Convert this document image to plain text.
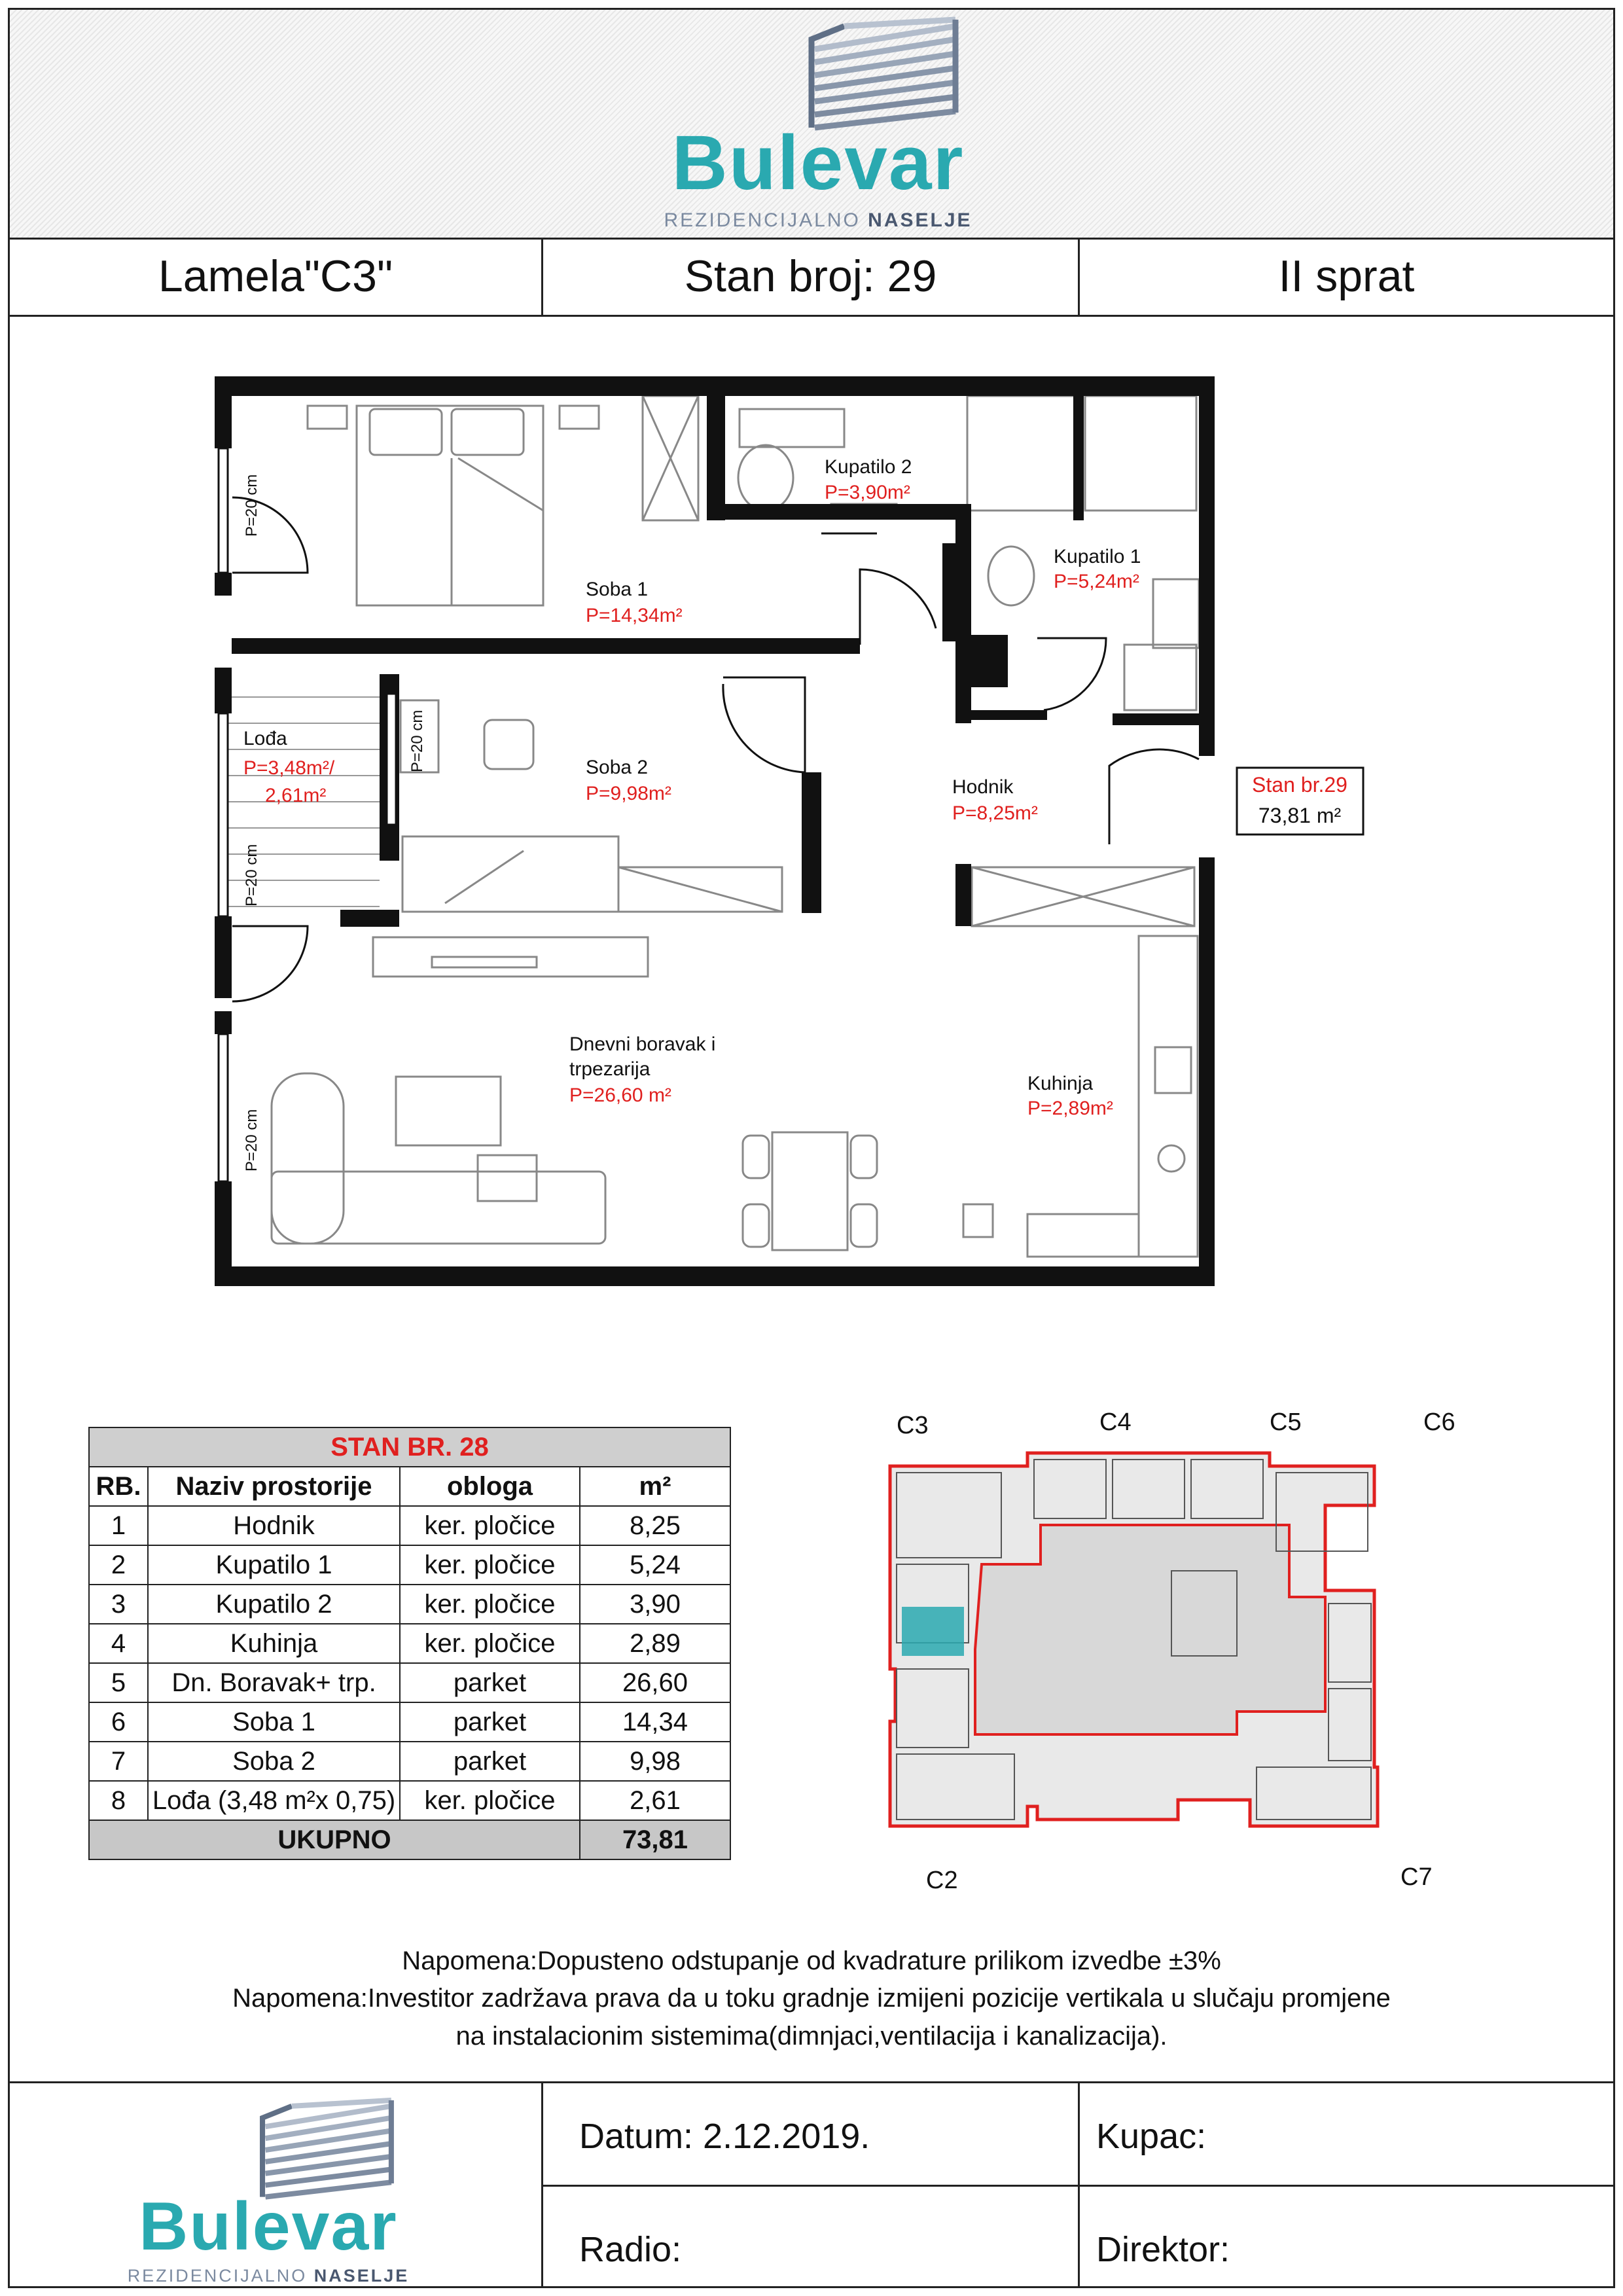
Bulevar
REZIDENCIJALNO NASELJE
Lamela"C3"	Stan broj: 29	II sprat
Soba 1
P=14,34m²
Kupatilo 2
P=3,90m²
Kupatilo 1
P=5,24m²
Soba 2
P=9,98m²	Hodnik
P=8,25m²
Kuhinja
P=2,89m²
Dnevni boravak i
trpezarija
P=26,60 m²
Lođa
P=3,48m²/
2,61m²
P=20 cm
P=20 cm
P=20 cm
P=20 cm
Stan br.29
73,81 m²
STAN BR. 28			
RB.	Naziv prostorije	obloga	m²
1	Hodnik	ker. pločice	8,25
2	Kupatilo 1	ker. pločice	5,24
3	Kupatilo 2	ker. pločice	3,90
4	Kuhinja	ker. pločice	2,89
5	Dn. Boravak+ trp.	parket	26,60
6	Soba 1	parket	14,34
7	Soba 2	parket	9,98
8	Lođa (3,48 m²x 0,75)	ker. pločice	2,61
UKUPNO			73,81
C3	C4	C5	C6
C2	C7
Napomena:Dopusteno odstupanje od kvadrature prilikom izvedbe ±3%
Napomena:Investitor zadržava prava da u toku gradnje izmijeni pozicije vertikala u slučaju promjene
na instalacionim sistemima(dimnjaci,ventilacija i kanalizacija).
Bulevar
REZIDENCIJALNO NASELJE
Datum: 2.12.2019.	Kupac:
Radio:	Direktor:
